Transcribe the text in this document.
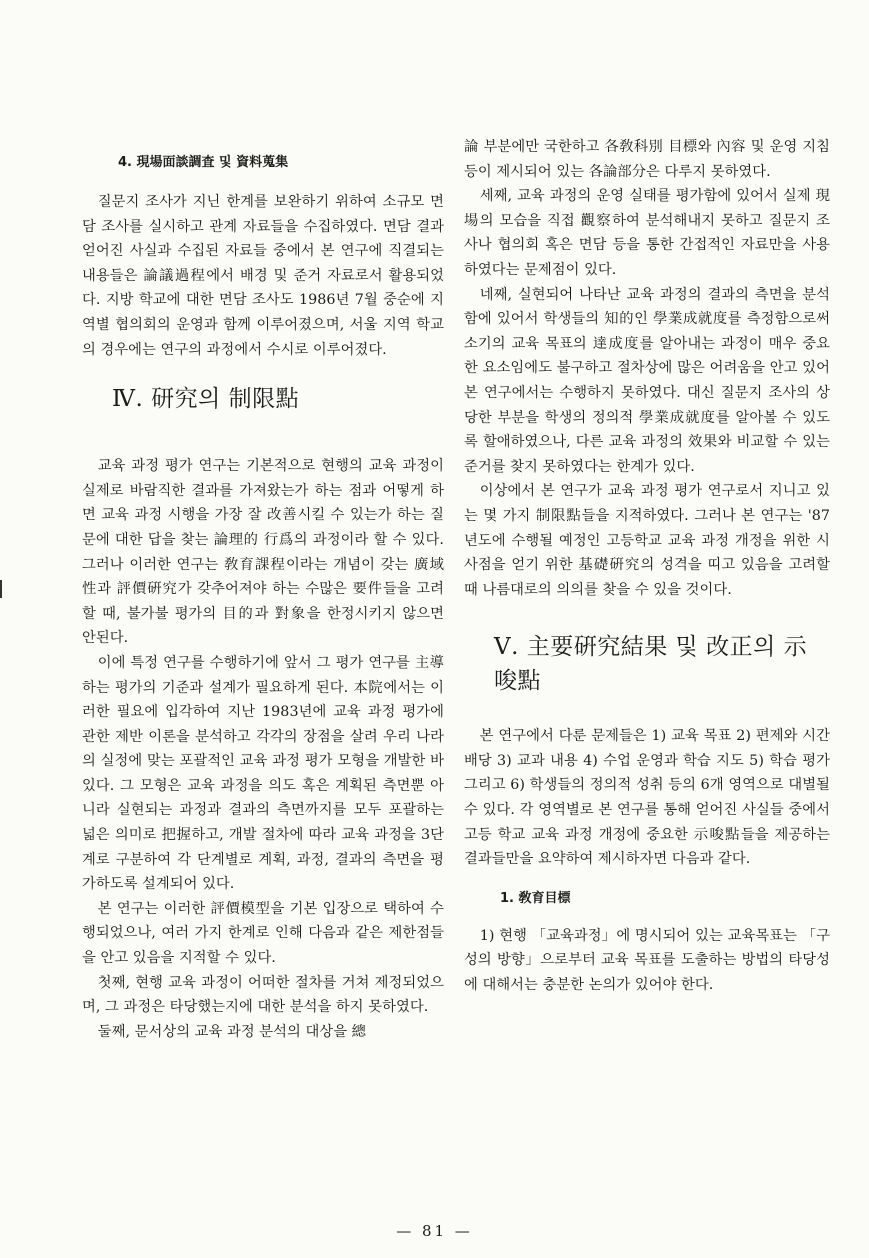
4. 現場面談調査 및 資料蒐集

질문지 조사가 지닌 한계를 보완하기 위하여 소규모 면담 조사를 실시하고 관계 자료들을 수집하였다. 면담 결과 얻어진 사실과 수집된 자료들 중에서 본 연구에 직결되는 내용들은 論議過程에서 배경 및 준거 자료로서 활용되었다. 지방 학교에 대한 면담 조사도 1986년 7월 중순에 지역별 협의회의 운영과 함께 이루어졌으며, 서울 지역 학교의 경우에는 연구의 과정에서 수시로 이루어졌다.

Ⅳ. 研究의 制限點

교육 과정 평가 연구는 기본적으로 현행의 교육 과정이 실제로 바람직한 결과를 가져왔는가 하는 점과 어떻게 하면 교육 과정 시행을 가장 잘 改善시킬 수 있는가 하는 질문에 대한 답을 찾는 論理的 行爲의 과정이라 할 수 있다. 그러나 이러한 연구는 敎育課程이라는 개념이 갖는 廣域性과 評價硏究가 갖추어져야 하는 수많은 要件들을 고려할 때, 불가불 평가의 目的과 對象을 한정시키지 않으면 안된다.

이에 특정 연구를 수행하기에 앞서 그 평가 연구를 主導하는 평가의 기준과 설계가 필요하게 된다. 本院에서는 이러한 필요에 입각하여 지난 1983년에 교육 과정 평가에 관한 제반 이론을 분석하고 각각의 장점을 살려 우리 나라의 실정에 맞는 포괄적인 교육 과정 평가 모형을 개발한 바 있다. 그 모형은 교육 과정을 의도 혹은 계획된 측면뿐 아니라 실현되는 과정과 결과의 측면까지를 모두 포괄하는 넓은 의미로 把握하고, 개발 절차에 따라 교육 과정을 3단계로 구분하여 각 단계별로 계획, 과정, 결과의 측면을 평가하도록 설계되어 있다.

본 연구는 이러한 評價模型을 기본 입장으로 택하여 수행되었으나, 여러 가지 한계로 인해 다음과 같은 제한점들을 안고 있음을 지적할 수 있다.

첫째, 현행 교육 과정이 어떠한 절차를 거쳐 제정되었으며, 그 과정은 타당했는지에 대한 분석을 하지 못하였다.

둘째, 문서상의 교육 과정 분석의 대상을 總

論 부분에만 국한하고 各敎科別 目標와 內容 및 운영 지침 등이 제시되어 있는 各論部分은 다루지 못하였다.

세째, 교육 과정의 운영 실태를 평가함에 있어서 실제 現場의 모습을 직접 觀察하여 분석해내지 못하고 질문지 조사나 협의회 혹은 면담 등을 통한 간접적인 자료만을 사용하였다는 문제점이 있다.

네째, 실현되어 나타난 교육 과정의 결과의 측면을 분석함에 있어서 학생들의 知的인 學業成就度를 측정함으로써 소기의 교육 목표의 達成度를 알아내는 과정이 매우 중요한 요소임에도 불구하고 절차상에 많은 어려움을 안고 있어 본 연구에서는 수행하지 못하였다. 대신 질문지 조사의 상당한 부분을 학생의 정의적 學業成就度를 알아볼 수 있도록 할애하였으나, 다른 교육 과정의 效果와 비교할 수 있는 준거를 찾지 못하였다는 한계가 있다.

이상에서 본 연구가 교육 과정 평가 연구로서 지니고 있는 몇 가지 制限點들을 지적하였다. 그러나 본 연구는 '87년도에 수행될 예정인 고등학교 교육 과정 개정을 위한 시사점을 얻기 위한 基礎硏究의 성격을 띠고 있음을 고려할 때 나름대로의 의의를 찾을 수 있을 것이다.

Ⅴ. 主要硏究結果 및 改正의 示唆點

본 연구에서 다룬 문제들은 1) 교육 목표 2) 편제와 시간 배당 3) 교과 내용 4) 수업 운영과 학습 지도 5) 학습 평가 그리고 6) 학생들의 정의적 성취 등의 6개 영역으로 대별될 수 있다. 각 영역별로 본 연구를 통해 얻어진 사실들 중에서 고등 학교 교육 과정 개정에 중요한 示唆點들을 제공하는 결과들만을 요약하여 제시하자면 다음과 같다.

1. 敎育目標

1) 현행 「교육과정」에 명시되어 있는 교육목표는 「구성의 방향」으로부터 교육 목표를 도출하는 방법의 타당성에 대해서는 충분한 논의가 있어야 한다.

— 81 —
